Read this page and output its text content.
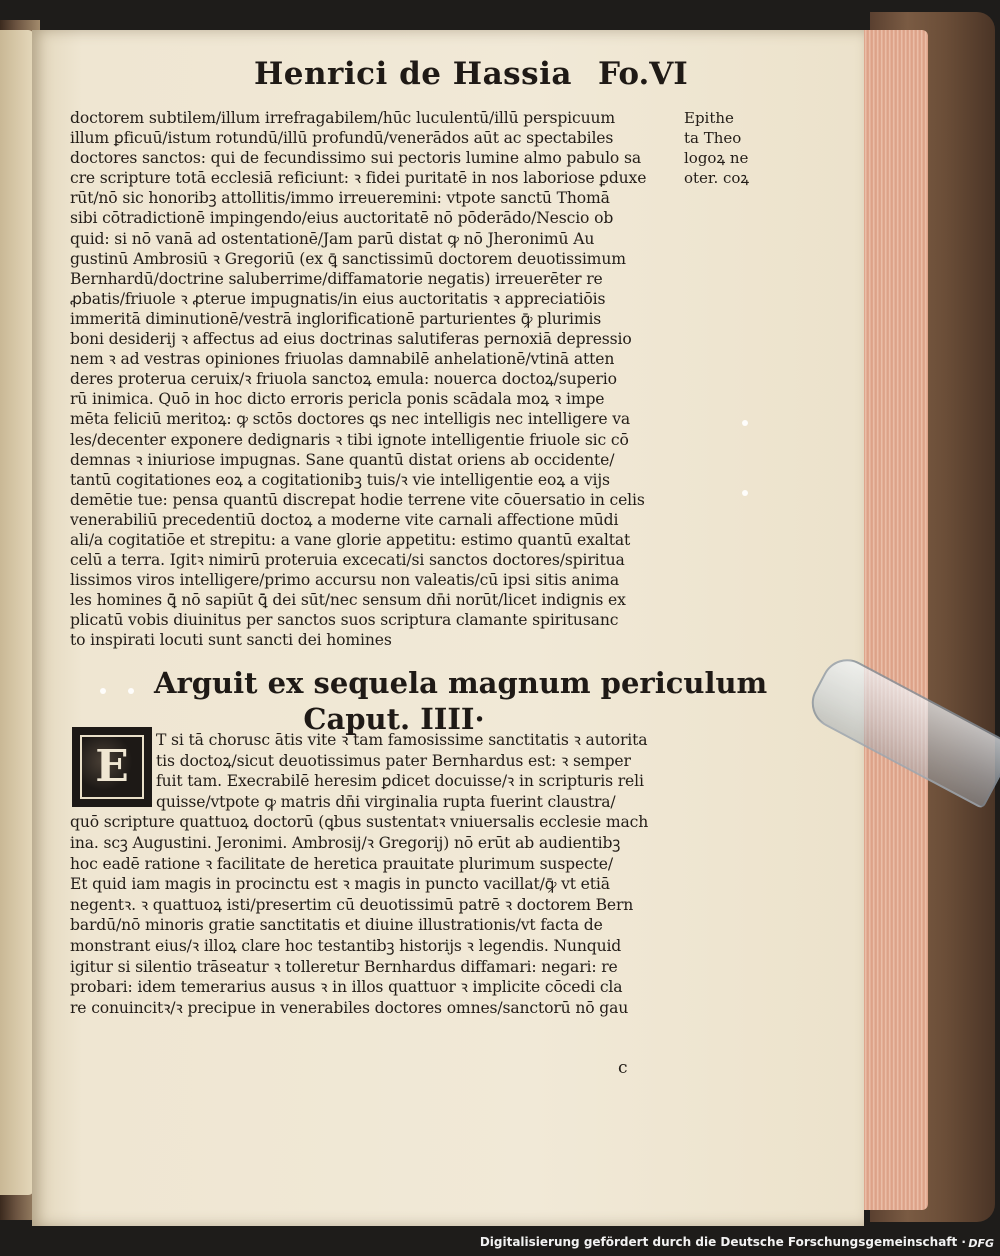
Henrici de Hassia Fo.VI
doctorem subtilem/illum irrefragabilem/hūc luculentū/illū perspicuum
illum ꝑficuū/istum rotundū/illū profundū/venerādos aūt ac spectabiles
doctores sanctos: qui de fecundissimo sui pectoris lumine almo pabulo sa
cre scripture totā ecclesiā reficiunt: ꝛ fidei puritatē in nos laboriose ꝑduxe
rūt/nō sic honoribꝫ attollitis/immo irreueremini: vtpote sanctū Thomā
sibi cōtradictionē impingendo/eius auctoritatē nō pōderādo/Nescio ob
quid: si nō vanā ad ostentationē/Jam parū distat ꝙ nō Jheronimū Au
gustinū Ambrosiū ꝛ Gregoriū (ex ꝗ̄ sanctissimū doctorem deuotissimum
Bernhardū/doctrine saluberrime/diffamatorie negatis) irreuerēter re
ꝓbatis/friuole ꝛ ꝓterue impugnatis/in eius auctoritatis ꝛ appreciatiōis
immeritā diminutionē/vestrā inglorificationē parturientes ꝙ̄ plurimis
boni desiderij ꝛ affectus ad eius doctrinas salutiferas pernoxiā depressio
nem ꝛ ad vestras opiniones friuolas damnabilē anhelationē/vtinā atten
deres proterua ceruix/ꝛ friuola sanctoꝝ emula: nouerca doctoꝝ/superio
rū inimica. Quō in hoc dicto erroris pericla ponis scādala moꝝ ꝛ impe
mēta feliciū meritoꝝ: ꝙ sctōs doctores ꝗs nec intelligis nec intelligere va
les/decenter exponere dedignaris ꝛ tibi ignote intelligentie friuole sic cō
demnas ꝛ iniuriose impugnas. Sane quantū distat oriens ab occidente/
tantū cogitationes eoꝝ a cogitationibꝫ tuis/ꝛ vie intelligentie eoꝝ a vijs
demētie tue: pensa quantū discrepat hodie terrene vite cōuersatio in celis
venerabiliū precedentiū doctoꝝ a moderne vite carnali affectione mūdi
ali/a cogitatiōe et strepitu: a vane glorie appetitu: estimo quantū exaltat
celū a terra. Igitꝛ nimirū proteruia excecati/si sanctos doctores/spiritua
lissimos viros intelligere/primo accursu non valeatis/cū ipsi sitis anima
les homines ꝗ̄ nō sapiūt ꝗ̄ dei sūt/nec sensum dn̄i norūt/licet indignis ex
plicatū vobis diuinitus per sanctos suos scriptura clamante spiritusanc
to inspirati locuti sunt sancti dei homines
Epithe
ta Theo
logoꝝ ne
oter. coꝝ
Arguit ex sequela magnum periculum
Caput. IIII·
E
T si tā chorusc ātis vite ꝛ tam famosissime sanctitatis ꝛ autorita
tis doctoꝝ/sicut deuotissimus pater Bernhardus est: ꝛ semper
fuit tam. Execrabilē heresim ꝑdicet docuisse/ꝛ in scripturis reli
quisse/vtpote ꝙ matris dn̄i virginalia rupta fuerint claustra/
quō scripture quattuoꝝ doctorū (ꝗbus sustentatꝛ vniuersalis ecclesie mach
ina. scꝫ Augustini. Jeronimi. Ambrosij/ꝛ Gregorij) nō erūt ab audientibꝫ
hoc eadē ratione ꝛ facilitate de heretica prauitate plurimum suspecte/
Et quid iam magis in procinctu est ꝛ magis in puncto vacillat/ꝙ̄ vt etiā
negentꝛ. ꝛ quattuoꝝ isti/presertim cū deuotissimū patrē ꝛ doctorem Bern
bardū/nō minoris gratie sanctitatis et diuine illustrationis/vt facta de
monstrant eius/ꝛ illoꝝ clare hoc testantibꝫ historijs ꝛ legendis. Nunquid
igitur si silentio trāseatur ꝛ tolleretur Bernhardus diffamari: negari: re
probari: idem temerarius ausus ꝛ in illos quattuor ꝛ implicite cōcedi cla
re conuincitꝛ/ꝛ precipue in venerabiles doctores omnes/sanctorū nō gau
c
Digitalisierung gefördert durch die Deutsche Forschungsgemeinschaft · DFG
